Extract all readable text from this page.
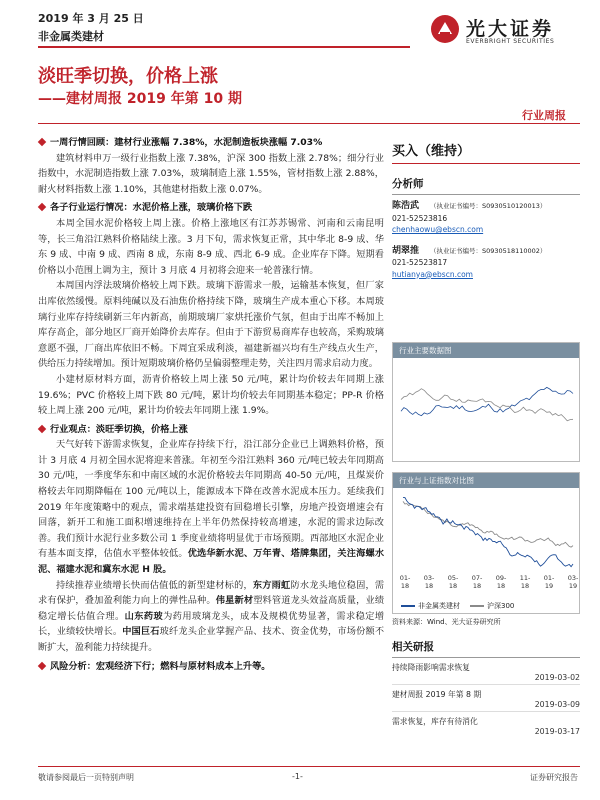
2019 年 3 月 25 日
非金属类建材	光大证券
EVERBRIGHT SECURITIES
淡旺季切换，价格上涨
——建材周报 2019 年第 10 期
行业周报
一周行情回顾：建材行业涨幅 7.38%，水泥制造板块涨幅 7.03%
建筑材料申万一级行业指数上涨 7.38%，沪深 300 指数上涨 2.78%；细分行业指数中，水泥制造指数上涨 7.03%，玻璃制造上涨 1.55%，管材指数上涨 2.88%，耐火材料指数上涨 1.10%，其他建材指数上涨 0.07%。
各子行业运行情况：水泥价格上涨，玻璃价格下跌
本周全国水泥价格较上周上涨。价格上涨地区有江苏苏锡常、河南和云南昆明等，长三角沿江熟料价格陆续上涨。3 月下旬，需求恢复正常，其中华北 8-9 成、华东 9 成、中南 9 成、西南 8 成，东南 8-9 成、西北 6-9 成。企业库存下降。短期看价格以小范围上调为主，预计 3 月底 4 月初将会迎来一轮普涨行情。
本周国内浮法玻璃价格较上周下跌。玻璃下游需求一般，运输基本恢复，但厂家出库依然缓慢。原料纯碱以及石油焦价格持续下降，玻璃生产成本重心下移。本周玻璃行业库存持续刷新三年内新高，前期玻璃厂家烘托涨价气氛，但由于出库不畅加上库存高企，部分地区厂商开始降价去库存。但由于下游贸易商库存也较高，采购玻璃意愿不强，厂商出库依旧不畅。下周宜采成利淡，福建新福兴均有生产线点火生产，供给压力持续增加。预计短期玻璃价格仍呈偏弱整理走势，关注四月需求启动力度。
小建材原材料方面，沥青价格较上周上涨 50 元/吨，累计均价较去年同期上涨 19.6%；PVC 价格较上周下跌 80 元/吨，累计均价较去年同期基本稳定；PP-R 价格较上周上涨 200 元/吨，累计均价较去年同期上涨 1.9%。
行业观点：淡旺季切换，价格上涨
天气好转下游需求恢复，企业库存持续下行，沿江部分企业已上调熟料价格，预计 3 月底 4 月初全国水泥将迎来普涨。年初至今沿江熟料 360 元/吨已较去年同期高 30 元/吨，一季度华东和中南区域的水泥价格较去年同期高 40-50 元/吨，且煤炭价格较去年同期降幅在 100 元/吨以上，能源成本下降在改善水泥成本压力。延续我们 2019 年年度策略中的观点，需求端基建投资有回稳增长引擎，房地产投资增速会有回落，新开工和施工面积增速维持在上半年仍然保持较高增速，水泥的需求边际改善。我们预计水泥行业多数公司 1 季度业绩将明显优于市场预期。西部地区水泥企业有基本面支撑，估值水平整体较低。优选华新水泥、万年青、塔牌集团，关注海螺水泥、福建水泥和冀东水泥 H 股。
持续推荐业绩增长快而估值低的新型建材标的，东方雨虹防水龙头地位稳固，需求有保护，叠加盈利能力向上的弹性品种。伟星新材塑料管道龙头效益高质量，业绩稳定增长估值合理。山东药玻为药用玻璃龙头，成本及规模优势显著，需求稳定增长，业绩较快增长。中国巨石玻纤龙头企业掌握产品、技术、资金优势，市场份额不断扩大，盈利能力持续提升。
风险分析：宏观经济下行；燃料与原材料成本上升等。
买入（维持）
分析师
陈浩武 （执业证书编号：S0930510120013）
021-52523816
chenhaowu@ebscn.com
胡翠推 （执业证书编号：S0930518110002）
021-52523817
hutianya@ebscn.com
行业主要数据图
行业与上证指数对比图
01-
18
03-
18
05-
18
07-
18
09-
18
11-
18
01-
19
03-
19
非金属类建材	沪深300
资料来源：Wind、光大证券研究所
相关研报
持续降雨影响需求恢复
2019-03-02
建材周报 2019 年第 8 期
2019-03-09
需求恢复，库存有待消化
2019-03-17
敬请参阅最后一页特别声明	-1-	证券研究报告
